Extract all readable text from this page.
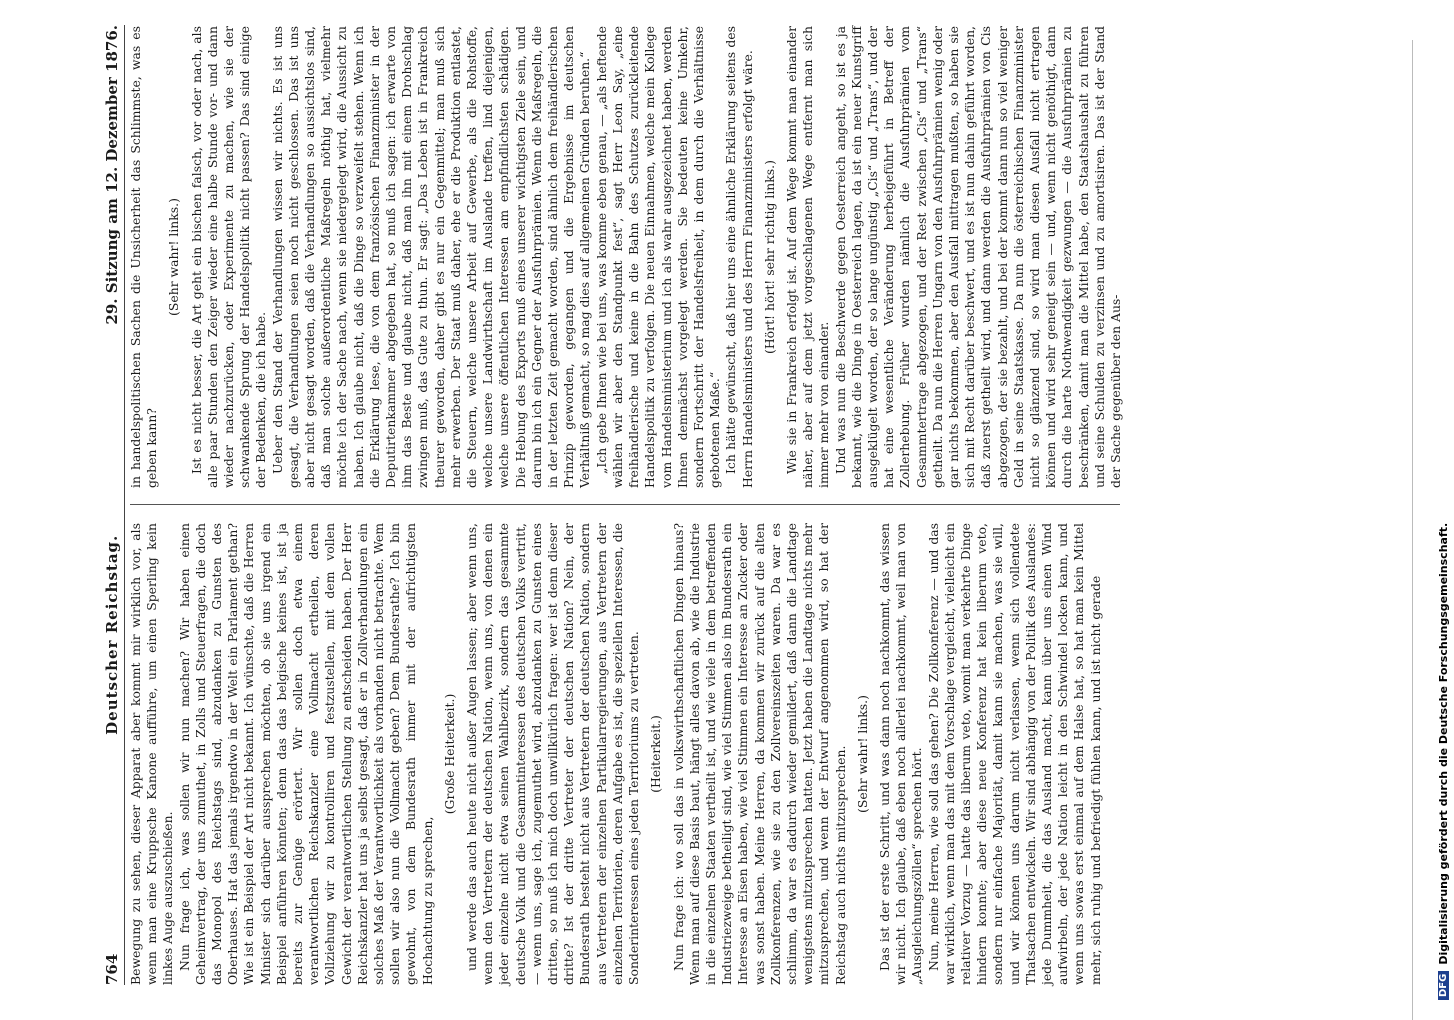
764
Deutscher Reichstag.
29. Sitzung am 12. Dezember 1876.

Bewegung zu sehen, dieser Apparat aber kommt mir wirklich vor, als wenn man eine Kruppsche Kanone aufführe, um einen Sperling kein linkes Auge auszuschießen. Nun frage ich, was sollen wir nun machen? Wir haben einen Geheimvertrag, der uns zumuthet, in Zolls und Steuerfragen, die doch das Monopol des Reichstags sind, abzudanken zu Gunsten des Oberhauses. Hat das jemals irgendwo in der Welt ein Parlament gethan? Wie ist ein Beispiel der Art nicht bekannt. Ich wünschte, daß die Herren Minister sich darüber aussprechen möchten, ob sie uns irgend ein Beispiel anführen könnten; denn das das belgische keines ist, ist ja bereits zur Genüge erörtert. Wir sollen doch etwa einem verantwortlichen Reichskanzler eine Vollmacht ertheilen, deren Vollziehung wir zu kontrolliren und festzustellen, mit dem vollen Gewicht der verantwortlichen Stellung zu entscheiden haben. Der Herr Reichskanzler hat uns ja selbst gesagt, daß er in Zollverhandlungen ein solches Maß der Verantwortlichkeit als vorhanden nicht betrachte. Wem sollen wir also nun die Vollmacht geben? Dem Bundesrathe? Ich bin gewohnt, von dem Bundesrath immer mit der aufrichtigsten Hochachtung zu sprechen,

(Große Heiterkeit.) und werde das auch heute nicht außer Augen lassen; aber wenn uns, wenn den Vertretern der deutschen Nation, wenn uns, von denen ein jeder einzelne nicht etwa seinen Wahlbezirk, sondern das gesammte deutsche Volk und die Gesammtinteressen des deutschen Volks vertritt, — wenn uns, sage ich, zugemuthet wird, abzudanken zu Gunsten eines dritten, so muß ich mich doch unwillkürlich fragen: wer ist denn dieser dritte? Ist der dritte Vertreter der deutschen Nation? Nein, der Bundesrath besteht nicht aus Vertretern der deutschen Nation, sondern aus Vertretern der einzelnen Partikularregierungen, aus Vertretern der einzelnen Territorien, deren Aufgabe es ist, die speziellen Interessen, die Sonderinteressen eines jeden Territoriums zu vertreten. (Heiterkeit.) Nun frage ich: wo soll das in volkswirthschaftlichen Dingen hinaus? Wenn man auf diese Basis baut, hängt alles davon ab, wie die Industrie in die einzelnen Staaten vertheilt ist, und wie viele in dem betreffenden Industriezweige betheiligt sind, wie viel Stimmen also im Bundesrath ein Interesse an Eisen haben, wie viel Stimmen ein Interesse an Zucker oder was sonst haben. Meine Herren, da kommen wir zurück auf die alten Zollkonferenzen, wie sie zu den Zollvereinszeiten waren. Da war es schlimm, da war es dadurch wieder gemildert, daß dann die Landtage wenigstens mitzusprechen hatten. Jetzt haben die Landtage nichts mehr mitzusprechen, und wenn der Entwurf angenommen wird, so hat der Reichstag auch nichts mitzusprechen. (Sehr wahr! links.) Das ist der erste Schritt, und was dann noch nachkommt, das wissen wir nicht. Ich glaube, daß eben noch allerlei nachkommt, weil man von „Ausgleichungszöllen“ sprechen hört. Nun, meine Herren, wie soll das gehen? Die Zollkonferenz — und das war wirklich, wenn man das mit dem Vorschlage vergleicht, vielleicht ein relativer Vorzug — hatte das liberum veto, womit man verkehrte Dinge hindern konnte; aber diese neue Konferenz hat kein liberum veto, sondern nur einfache Majorität, damit kann sie machen, was sie will, und wir können uns darum nicht verlassen, wenn sich vollendete Thatsachen entwickeln. Wir sind abhängig von der Politik des Auslandes: jede Dummheit, die das Ausland macht, kann über uns einen Wind aufwirbeln, der jede Nation leicht in den Schwindel locken kann, und wenn uns sowas erst einmal auf dem Halse hat, so hat man kein Mittel mehr, sich ruhig und befriedigt fühlen kann, und ist nicht gerade

in handelspolitischen Sachen die Unsicherheit das Schlimmste, was es geben kann?

(Sehr wahr! links.) Ist es nicht besser, die Art geht ein bischen falsch, vor oder nach, als alle paar Stunden den Zeiger wieder eine halbe Stunde vor- und dann wieder nachzurücken, oder Experimente zu machen, wie sie der schwankende Sprung der Handelspolitik nicht passen? Das sind einige der Bedenken, die ich habe. Ueber den Stand der Verhandlungen wissen wir nichts. Es ist uns gesagt, die Verhandlungen seien noch nicht geschlossen. Das ist uns aber nicht gesagt worden, daß die Verhandlungen so aussichtslos sind, daß man solche außerordentliche Maßregeln nöthig hat, vielmehr möchte ich der Sache nach, wenn sie niedergelegt wird, die Aussicht zu haben. Ich glaube nicht, daß die Dinge so verzweifelt stehen. Wenn ich die Erklärung lese, die von dem französischen Finanzminister in der Deputirtenkammer abgegeben hat, so muß ich sagen: ich erwarte von ihm das Beste und glaube nicht, daß man ihn mit einem Drohschlag zwingen muß, das Gute zu thun. Er sagt: „Das Leben ist in Frankreich theurer geworden, daher gibt es nur ein Gegenmittel; man muß sich mehr erwerben. Der Staat muß daher, ehe er die Produktion entlastet, die Steuern, welche unsere Arbeit auf Gewerbe, als die Rohstoffe, welche unsere Landwirthschaft im Auslande treffen, lind diejenigen, welche unsere öffentlichen Interessen am empfindlichsten schädigen. Die Hebung des Exports muß eines unserer wichtigsten Ziele sein, und darum bin ich ein Gegner der Ausfuhrprämien. Wenn die Maßregeln, die in der letzten Zeit gemacht worden, sind ähnlich dem freihändlerischen Prinzip geworden, gegangen und die Ergebnisse im deutschen Verhältniß gemacht, so mag dies auf allgemeinen Gründen beruhen.“ „Ich gebe Ihnen wie bei uns, was komme eben genau, — „als heftende wählen wir aber den Standpunkt fest“, sagt Herr Leon Say, „eine freihändlerische und keine in die Bahn des Schutzes zurückleitende Handelspolitik zu verfolgen. Die neuen Einnahmen, welche mein Kollege vom Handelsministerium und ich als wahr ausgezeichnet haben, werden Ihnen demnächst vorgelegt werden. Sie bedeuten keine Umkehr, sondern Fortschritt der Handelsfreiheit, in dem durch die Verhältnisse gebotenen Maße.“ Ich hätte gewünscht, daß hier uns eine ähnliche Erklärung seitens des Herrn Handelsministers und des Herrn Finanzministers erfolgt wäre. (Hört! hört! sehr richtig links.) Wie sie in Frankreich erfolgt ist. Auf dem Wege kommt man einander näher, aber auf dem jetzt vorgeschlagenen Wege entfernt man sich immer mehr von einander. Und was nun die Beschwerde gegen Oesterreich angeht, so ist es ja bekannt, wie die Dinge in Oesterreich lagen, da ist ein neuer Kunstgriff ausgeklügelt worden, der so lange ungünstig „Cis“ und „Trans“, und der hat eine wesentliche Veränderung herbeigeführt in Betreff der Zollerhebung. Früher wurden nämlich die Ausfuhrprämien vom Gesammtertrage abgezogen, und der Rest zwischen „Cis“ und „Trans“ getheilt. Da nun die Herren Ungarn von den Ausfuhrprämien wenig oder gar nichts bekommen, aber den Ausfall mittragen mußten, so haben sie sich mit Recht darüber beschwert, und es ist nun dahin geführt worden, daß zuerst getheilt wird, und dann werden die Ausfuhrprämien von Cis abgezogen, der sie bezahlt, und bei der kommt dann nun so viel weniger Geld in seine Staatskasse. Da nun die österreichischen Finanzminister nicht so glänzend sind, so wird man diesen Ausfall nicht ertragen können und wird sehr geneigt sein — und, wenn nicht genöthigt, dann durch die harte Nothwendigkeit gezwungen — die Ausfuhrprämien zu beschränken, damit man die Mittel habe, den Staatshaushalt zu führen und seine Schulden zu verzinsen und zu amortisiren. Das ist der Stand der Sache gegenüber den Aus-

DFG
Digitalisierung gefördert durch die Deutsche Forschungsgemeinschaft.
